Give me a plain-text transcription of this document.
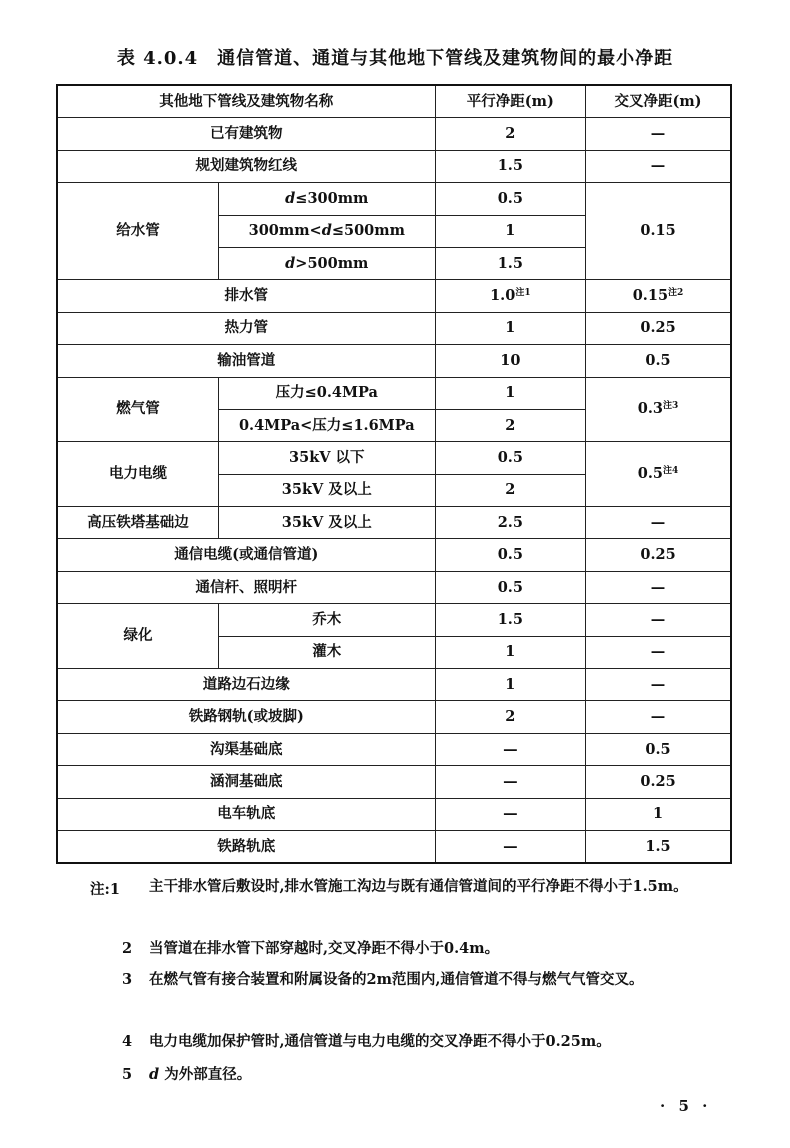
表 4.0.4　通信管道、通道与其他地下管线及建筑物间的最小净距
其他地下管线及建筑物名称		平行净距(m)	交叉净距(m)
已有建筑物		2	—
规划建筑物红线		1.5	—
给水管	d≤300mm	0.5	0.15
	300mm<d≤500mm	1	
	d>500mm	1.5	
排水管		1.0$^{注1}$	0.15$^{注2}$
热力管		1	0.25
输油管道		10	0.5
燃气管	压力≤0.4MPa	1	0.3$^{注3}$
	0.4MPa<压力≤1.6MPa	2	
电力电缆	35kV 以下	0.5	0.5$^{注4}$
	35kV 及以上	2	
高压铁塔基础边	35kV 及以上	2.5	—
通信电缆(或通信管道)		0.5	0.25
通信杆、照明杆		0.5	—
绿化	乔木	1.5	—
	灌木	1	—
道路边石边缘		1	—
铁路钢轨(或坡脚)		2	—
沟渠基础底		—	0.5
涵洞基础底		—	0.25
电车轨底		—	1
铁路轨底		—	1.5
注:1 主干排水管后敷设时,排水管施工沟边与既有通信管道间的平行净距不得小于1.5m。
2 当管道在排水管下部穿越时,交叉净距不得小于0.4m。
3 在燃气管有接合装置和附属设备的2m范围内,通信管道不得与燃气气管交叉。
4 电力电缆加保护管时,通信管道与电力电缆的交叉净距不得小于0.25m。
5 d 为外部直径。
· 5 ·
